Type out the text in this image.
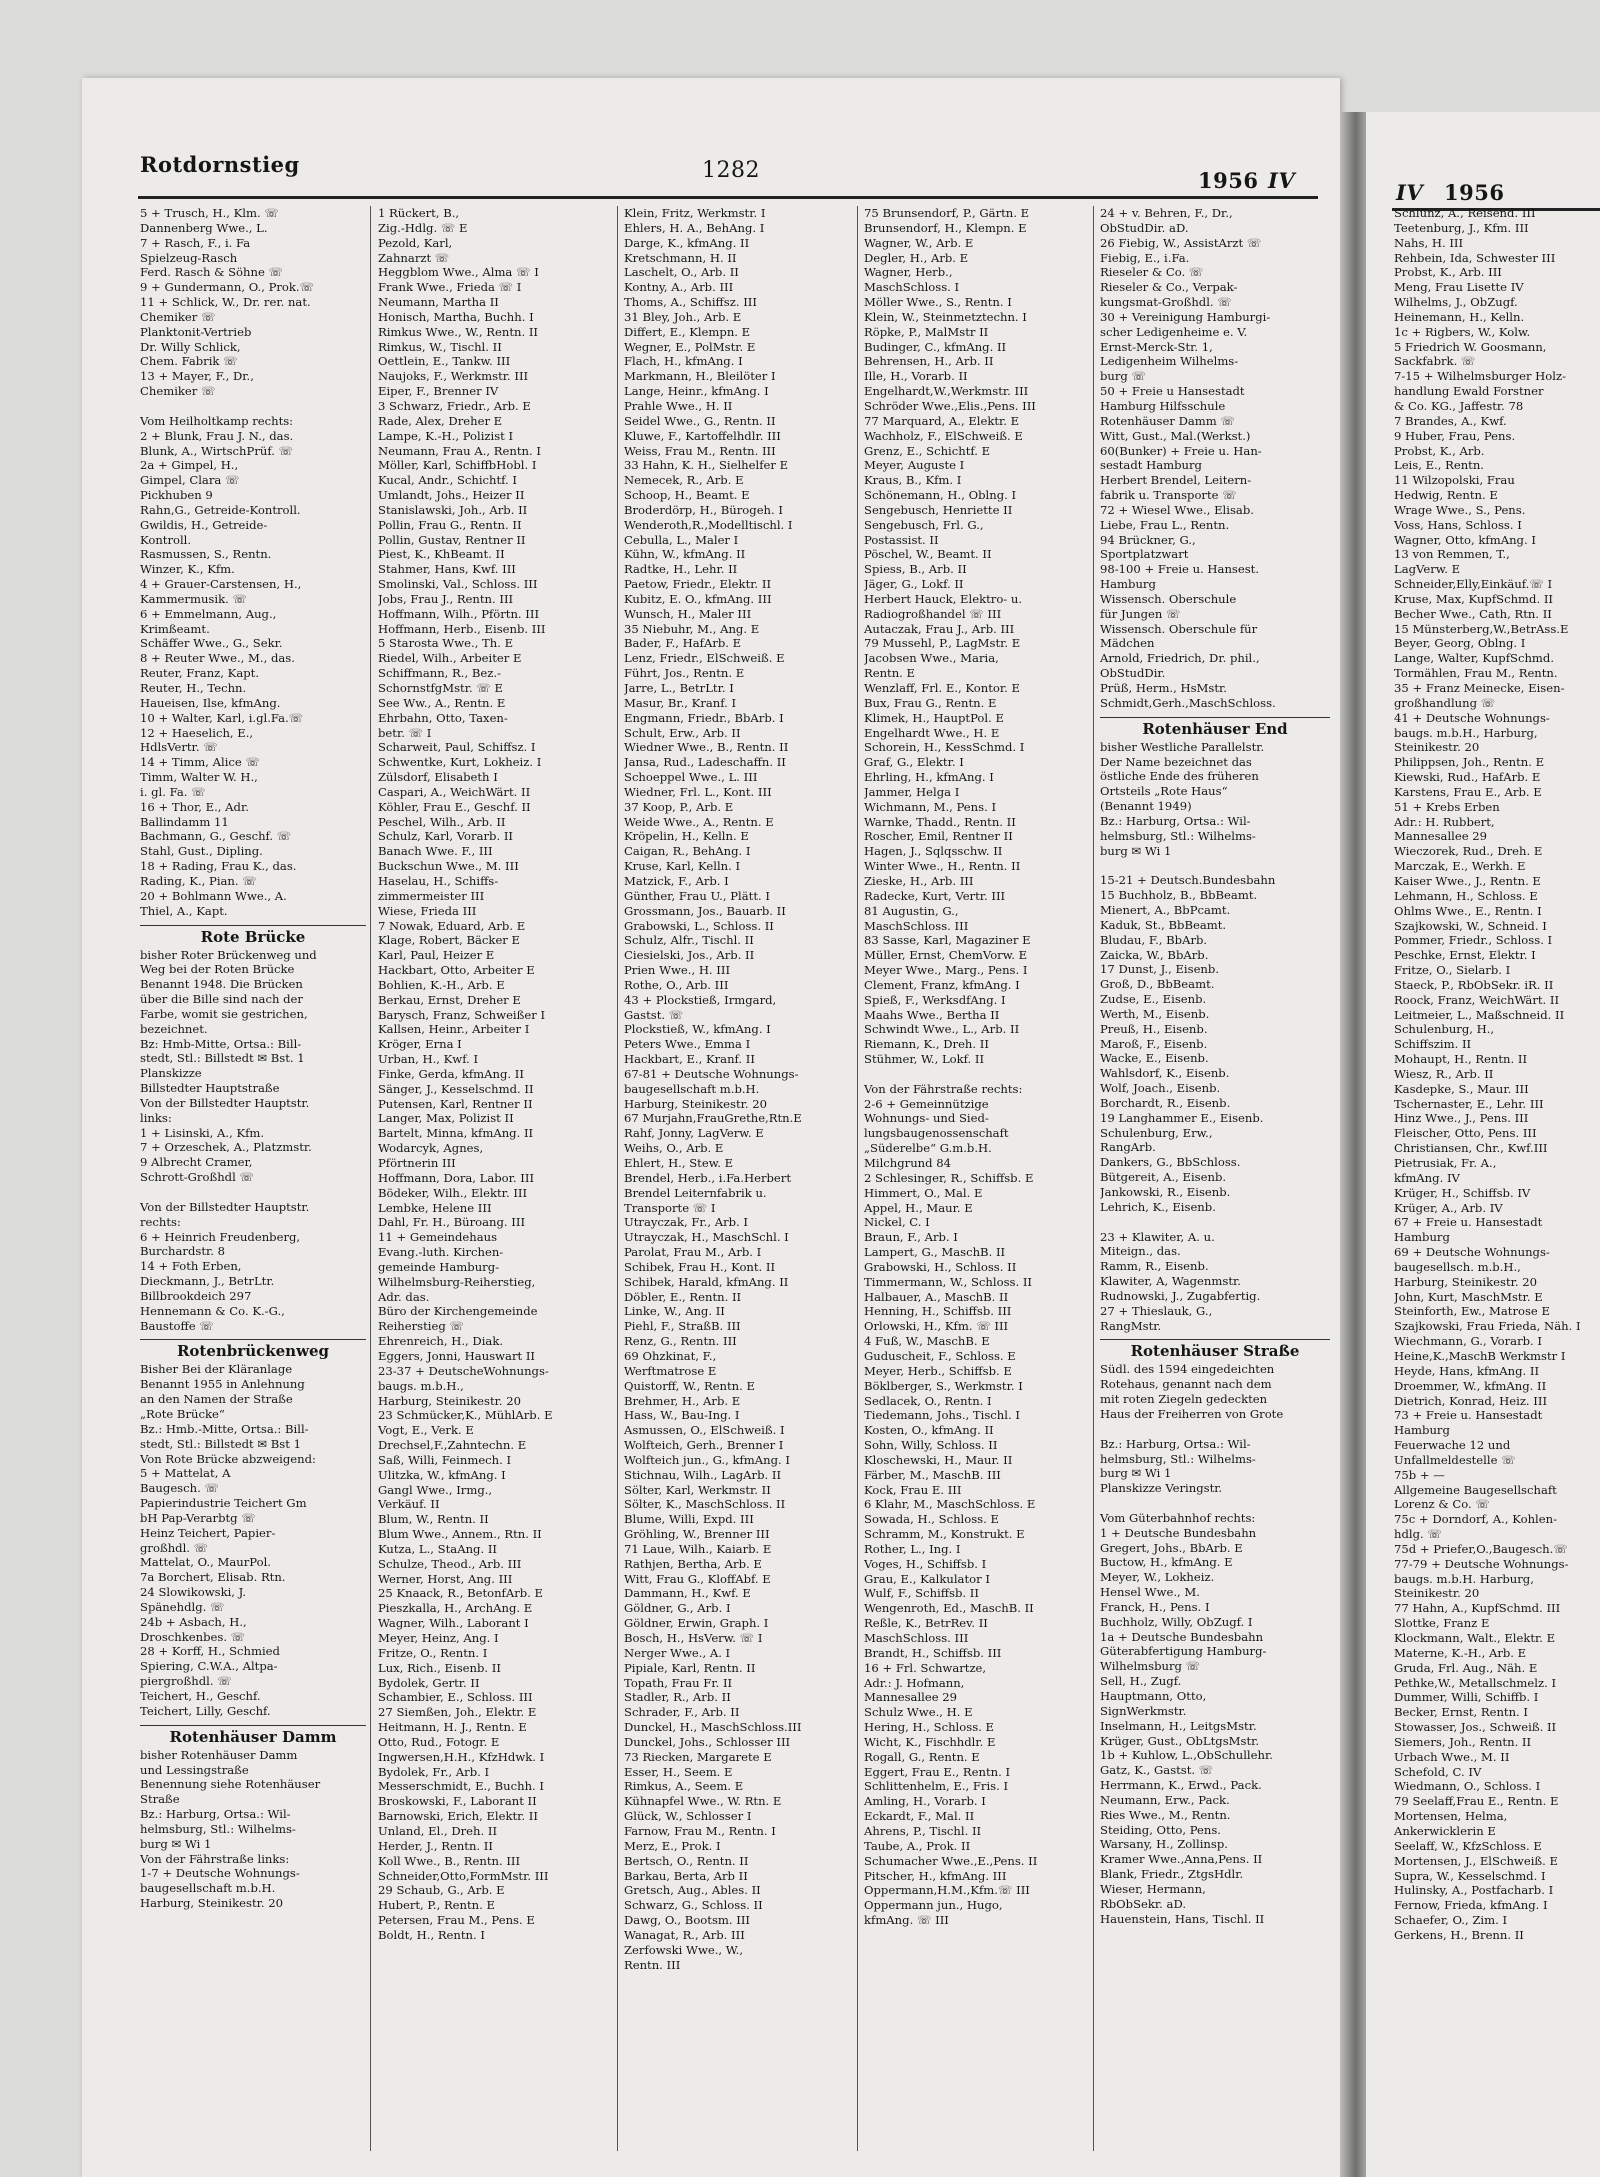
Rotdornstieg	1282	1956 IV	IV 1956
5 + Trusch, H., Klm. ☏
Dannenberg Wwe., L.
7 + Rasch, F., i. Fa
Spielzeug-Rasch
Ferd. Rasch & Söhne ☏
9 + Gundermann, O., Prok.☏
11 + Schlick, W., Dr. rer. nat.
Chemiker ☏
Planktonit-Vertrieb
Dr. Willy Schlick,
Chem. Fabrik ☏
13 + Mayer, F., Dr.,
Chemiker ☏
Vom Heilholtkamp rechts:
2 + Blunk, Frau J. N., das.
Blunk, A., WirtschPrüf. ☏
2a + Gimpel, H.,
Gimpel, Clara ☏
Pickhuben 9
Rahn,G., Getreide-Kontroll.
Gwildis, H., Getreide-
Kontroll.
Rasmussen, S., Rentn.
Winzer, K., Kfm.
4 + Grauer-Carstensen, H.,
Kammermusik. ☏
6 + Emmelmann, Aug.,
Krimßeamt.
Schäffer Wwe., G., Sekr.
8 + Reuter Wwe., M., das.
Reuter, Franz, Kapt.
Reuter, H., Techn.
Haueisen, Ilse, kfmAng.
10 + Walter, Karl, i.gl.Fa.☏
12 + Haeselich, E.,
HdlsVertr. ☏
14 + Timm, Alice ☏
Timm, Walter W. H.,
i. gl. Fa. ☏
16 + Thor, E., Adr.
Ballindamm 11
Bachmann, G., Geschf. ☏
Stahl, Gust., Dipling.
18 + Rading, Frau K., das.
Rading, K., Pian. ☏
20 + Bohlmann Wwe., A.
Thiel, A., Kapt.
Rote Brücke
bisher Roter Brückenweg und
Weg bei der Roten Brücke
Benannt 1948. Die Brücken
über die Bille sind nach der
Farbe, womit sie gestrichen,
bezeichnet.
Bz: Hmb-Mitte, Ortsa.: Bill-
stedt, Stl.: Billstedt ✉ Bst. 1
Planskizze
Billstedter Hauptstraße
Von der Billstedter Hauptstr.
links:
1 + Lisinski, A., Kfm.
7 + Orzeschek, A., Platzmstr.
9 Albrecht Cramer,
Schrott-Großhdl ☏
Von der Billstedter Hauptstr.
rechts:
6 + Heinrich Freudenberg,
Burchardstr. 8
14 + Foth Erben,
Dieckmann, J., BetrLtr.
Billbrookdeich 297
Hennemann & Co. K.-G.,
Baustoffe ☏
Rotenbrückenweg
Bisher Bei der Kläranlage
Benannt 1955 in Anlehnung
an den Namen der Straße
„Rote Brücke“
Bz.: Hmb.-Mitte, Ortsa.: Bill-
stedt, Stl.: Billstedt ✉ Bst 1
Von Rote Brücke abzweigend:
5 + Mattelat, A
Baugesch. ☏
Papierindustrie Teichert Gm
bH Pap-Verarbtg ☏
Heinz Teichert, Papier-
großhdl. ☏
Mattelat, O., MaurPol.
7a Borchert, Elisab. Rtn.
24 Slowikowski, J.
Spänehdlg. ☏
24b + Asbach, H.,
Droschkenbes. ☏
28 + Korff, H., Schmied
Spiering, C.W.A., Altpa-
piergroßhdl. ☏
Teichert, H., Geschf.
Teichert, Lilly, Geschf.
Rotenhäuser Damm
bisher Rotenhäuser Damm
und Lessingstraße
Benennung siehe Rotenhäuser
Straße
Bz.: Harburg, Ortsa.: Wil-
helmsburg, Stl.: Wilhelms-
burg ✉ Wi 1
Von der Fährstraße links:
1-7 + Deutsche Wohnungs-
baugesellschaft m.b.H.
Harburg, Steinikestr. 20
1 Rückert, B.,
Zig.-Hdlg. ☏ E
Pezold, Karl,
Zahnarzt ☏
Heggblom Wwe., Alma ☏ I
Frank Wwe., Frieda ☏ I
Neumann, Martha II
Honisch, Martha, Buchh. I
Rimkus Wwe., W., Rentn. II
Rimkus, W., Tischl. II
Oettlein, E., Tankw. III
Naujoks, F., Werkmstr. III
Eiper, F., Brenner IV
3 Schwarz, Friedr., Arb. E
Rade, Alex, Dreher E
Lampe, K.-H., Polizist I
Neumann, Frau A., Rentn. I
Möller, Karl, SchiffbHobl. I
Kucal, Andr., Schichtf. I
Umlandt, Johs., Heizer II
Stanislawski, Joh., Arb. II
Pollin, Frau G., Rentn. II
Pollin, Gustav, Rentner II
Piest, K., KhBeamt. II
Stahmer, Hans, Kwf. III
Smolinski, Val., Schloss. III
Jobs, Frau J., Rentn. III
Hoffmann, Wilh., Pförtn. III
Hoffmann, Herb., Eisenb. III
5 Starosta Wwe., Th. E
Riedel, Wilh., Arbeiter E
Schiffmann, R., Bez.-
SchornstfgMstr. ☏ E
See Ww., A., Rentn. E
Ehrbahn, Otto, Taxen-
betr. ☏ I
Scharweit, Paul, Schiffsz. I
Schwentke, Kurt, Lokheiz. I
Zülsdorf, Elisabeth I
Caspari, A., WeichWärt. II
Köhler, Frau E., Geschf. II
Peschel, Wilh., Arb. II
Schulz, Karl, Vorarb. II
Banach Wwe. F., III
Buckschun Wwe., M. III
Haselau, H., Schiffs-
zimmermeister III
Wiese, Frieda III
7 Nowak, Eduard, Arb. E
Klage, Robert, Bäcker E
Karl, Paul, Heizer E
Hackbart, Otto, Arbeiter E
Bohlien, K.-H., Arb. E
Berkau, Ernst, Dreher E
Barysch, Franz, Schweißer I
Kallsen, Heinr., Arbeiter I
Kröger, Erna I
Urban, H., Kwf. I
Finke, Gerda, kfmAng. II
Sänger, J., Kesselschmd. II
Putensen, Karl, Rentner II
Langer, Max, Polizist II
Bartelt, Minna, kfmAng. II
Wodarcyk, Agnes,
Pförtnerin III
Hoffmann, Dora, Labor. III
Bödeker, Wilh., Elektr. III
Lembke, Helene III
Dahl, Fr. H., Büroang. III
11 + Gemeindehaus
Evang.-luth. Kirchen-
gemeinde Hamburg-
Wilhelmsburg-Reiherstieg,
Adr. das.
Büro der Kirchengemeinde
Reiherstieg ☏
Ehrenreich, H., Diak.
Eggers, Jonni, Hauswart II
23-37 + DeutscheWohnungs-
baugs. m.b.H.,
Harburg, Steinikestr. 20
23 Schmücker,K., MühlArb. E
Vogt, E., Verk. E
Drechsel,F.,Zahntechn. E
Saß, Willi, Feinmech. I
Ulitzka, W., kfmAng. I
Gangl Wwe., Irmg.,
Verkäuf. II
Blum, W., Rentn. II
Blum Wwe., Annem., Rtn. II
Kutza, L., StaAng. II
Schulze, Theod., Arb. III
Werner, Horst, Ang. III
25 Knaack, R., BetonfArb. E
Pieszkalla, H., ArchAng. E
Wagner, Wilh., Laborant I
Meyer, Heinz, Ang. I
Fritze, O., Rentn. I
Lux, Rich., Eisenb. II
Bydolek, Gertr. II
Schambier, E., Schloss. III
27 Siemßen, Joh., Elektr. E
Heitmann, H. J., Rentn. E
Otto, Rud., Fotogr. E
Ingwersen,H.H., KfzHdwk. I
Bydolek, Fr., Arb. I
Messerschmidt, E., Buchh. I
Broskowski, F., Laborant II
Barnowski, Erich, Elektr. II
Unland, El., Dreh. II
Herder, J., Rentn. II
Koll Wwe., B., Rentn. III
Schneider,Otto,FormMstr. III
29 Schaub, G., Arb. E
Hubert, P., Rentn. E
Petersen, Frau M., Pens. E
Boldt, H., Rentn. I
Klein, Fritz, Werkmstr. I
Ehlers, H. A., BehAng. I
Darge, K., kfmAng. II
Kretschmann, H. II
Laschelt, O., Arb. II
Kontny, A., Arb. III
Thoms, A., Schiffsz. III
31 Bley, Joh., Arb. E
Differt, E., Klempn. E
Wegner, E., PolMstr. E
Flach, H., kfmAng. I
Markmann, H., Bleilöter I
Lange, Heinr., kfmAng. I
Prahle Wwe., H. II
Seidel Wwe., G., Rentn. II
Kluwe, F., Kartoffelhdlr. III
Weiss, Frau M., Rentn. III
33 Hahn, K. H., Sielhelfer E
Nemecek, R., Arb. E
Schoop, H., Beamt. E
Broderdörp, H., Bürogeh. I
Wenderoth,R.,Modelltischl. I
Cebulla, L., Maler I
Kühn, W., kfmAng. II
Radtke, H., Lehr. II
Paetow, Friedr., Elektr. II
Kubitz, E. O., kfmAng. III
Wunsch, H., Maler III
35 Niebuhr, M., Ang. E
Bader, F., HafArb. E
Lenz, Friedr., ElSchweiß. E
Führt, Jos., Rentn. E
Jarre, L., BetrLtr. I
Masur, Br., Kranf. I
Engmann, Friedr., BbArb. I
Schult, Erw., Arb. II
Wiedner Wwe., B., Rentn. II
Jansa, Rud., Ladeschaffn. II
Schoeppel Wwe., L. III
Wiedner, Frl. L., Kont. III
37 Koop, P., Arb. E
Weide Wwe., A., Rentn. E
Kröpelin, H., Kelln. E
Caigan, R., BehAng. I
Kruse, Karl, Kelln. I
Matzick, F., Arb. I
Günther, Frau U., Plätt. I
Grossmann, Jos., Bauarb. II
Grabowski, L., Schloss. II
Schulz, Alfr., Tischl. II
Ciesielski, Jos., Arb. II
Prien Wwe., H. III
Rothe, O., Arb. III
43 + Plockstieß, Irmgard,
Gastst. ☏
Plockstieß, W., kfmAng. I
Peters Wwe., Emma I
Hackbart, E., Kranf. II
67-81 + Deutsche Wohnungs-
baugesellschaft m.b.H.
Harburg, Steinikestr. 20
67 Murjahn,FrauGrethe,Rtn.E
Rahf, Jonny, LagVerw. E
Weihs, O., Arb. E
Ehlert, H., Stew. E
Brendel, Herb., i.Fa.Herbert
Brendel Leiternfabrik u.
Transporte ☏ I
Utrayczak, Fr., Arb. I
Utrayczak, H., MaschSchl. I
Parolat, Frau M., Arb. I
Schibek, Frau H., Kont. II
Schibek, Harald, kfmAng. II
Döbler, E., Rentn. II
Linke, W., Ang. II
Piehl, F., StraßB. III
Renz, G., Rentn. III
69 Ohzkinat, F.,
Werftmatrose E
Quistorff, W., Rentn. E
Brehmer, H., Arb. E
Hass, W., Bau-Ing. I
Asmussen, O., ElSchweiß. I
Wolfteich, Gerh., Brenner I
Wolfteich jun., G., kfmAng. I
Stichnau, Wilh., LagArb. II
Sölter, Karl, Werkmstr. II
Sölter, K., MaschSchloss. II
Blume, Willi, Expd. III
Gröhling, W., Brenner III
71 Laue, Wilh., Kaiarb. E
Rathjen, Bertha, Arb. E
Witt, Frau G., KloffAbf. E
Dammann, H., Kwf. E
Göldner, G., Arb. I
Göldner, Erwin, Graph. I
Bosch, H., HsVerw. ☏ I
Nerger Wwe., A. I
Pipiale, Karl, Rentn. II
Topath, Frau Fr. II
Stadler, R., Arb. II
Schrader, F., Arb. II
Dunckel, H., MaschSchloss.III
Dunckel, Johs., Schlosser III
73 Riecken, Margarete E
Esser, H., Seem. E
Rimkus, A., Seem. E
Kühnapfel Wwe., W. Rtn. E
Glück, W., Schlosser I
Farnow, Frau M., Rentn. I
Merz, E., Prok. I
Bertsch, O., Rentn. II
Barkau, Berta, Arb II
Gretsch, Aug., Ables. II
Schwarz, G., Schloss. II
Dawg, O., Bootsm. III
Wanagat, R., Arb. III
Zerfowski Wwe., W.,
Rentn. III
75 Brunsendorf, P., Gärtn. E
Brunsendorf, H., Klempn. E
Wagner, W., Arb. E
Degler, H., Arb. E
Wagner, Herb.,
MaschSchloss. I
Möller Wwe., S., Rentn. I
Klein, W., Steinmetztechn. I
Röpke, P., MalMstr II
Budinger, C., kfmAng. II
Behrensen, H., Arb. II
Ille, H., Vorarb. II
Engelhardt,W.,Werkmstr. III
Schröder Wwe.,Elis.,Pens. III
77 Marquard, A., Elektr. E
Wachholz, F., ElSchweiß. E
Grenz, E., Schichtf. E
Meyer, Auguste I
Kraus, B., Kfm. I
Schönemann, H., Oblng. I
Sengebusch, Henriette II
Sengebusch, Frl. G.,
Postassist. II
Pöschel, W., Beamt. II
Spiess, B., Arb. II
Jäger, G., Lokf. II
Herbert Hauck, Elektro- u.
Radiogroßhandel ☏ III
Autaczak, Frau J., Arb. III
79 Mussehl, P., LagMstr. E
Jacobsen Wwe., Maria,
Rentn. E
Wenzlaff, Frl. E., Kontor. E
Bux, Frau G., Rentn. E
Klimek, H., HauptPol. E
Engelhardt Wwe., H. E
Schorein, H., KessSchmd. I
Graf, G., Elektr. I
Ehrling, H., kfmAng. I
Jammer, Helga I
Wichmann, M., Pens. I
Warnke, Thadd., Rentn. II
Roscher, Emil, Rentner II
Hagen, J., Sqlqsschw. II
Winter Wwe., H., Rentn. II
Zieske, H., Arb. III
Radecke, Kurt, Vertr. III
81 Augustin, G.,
MaschSchloss. III
83 Sasse, Karl, Magaziner E
Müller, Ernst, ChemVorw. E
Meyer Wwe., Marg., Pens. I
Clement, Franz, kfmAng. I
Spieß, F., WerksdfAng. I
Maahs Wwe., Bertha II
Schwindt Wwe., L., Arb. II
Riemann, K., Dreh. II
Stühmer, W., Lokf. II
Von der Fährstraße rechts:
2-6 + Gemeinnützige
Wohnungs- und Sied-
lungsbaugenossenschaft
„Süderelbe“ G.m.b.H.
Milchgrund 84
2 Schlesinger, R., Schiffsb. E
Himmert, O., Mal. E
Appel, H., Maur. E
Nickel, C. I
Braun, F., Arb. I
Lampert, G., MaschB. II
Grabowski, H., Schloss. II
Timmermann, W., Schloss. II
Halbauer, A., MaschB. II
Henning, H., Schiffsb. III
Orlowski, H., Kfm. ☏ III
4 Fuß, W., MaschB. E
Guduscheit, F., Schloss. E
Meyer, Herb., Schiffsb. E
Böklberger, S., Werkmstr. I
Sedlacek, O., Rentn. I
Tiedemann, Johs., Tischl. I
Kosten, O., kfmAng. II
Sohn, Willy, Schloss. II
Kloschewski, H., Maur. II
Färber, M., MaschB. III
Kock, Frau E. III
6 Klahr, M., MaschSchloss. E
Sowada, H., Schloss. E
Schramm, M., Konstrukt. E
Rother, L., Ing. I
Voges, H., Schiffsb. I
Grau, E., Kalkulator I
Wulf, F., Schiffsb. II
Wengenroth, Ed., MaschB. II
Reßle, K., BetrRev. II
MaschSchloss. III
Brandt, H., Schiffsb. III
16 + Frl. Schwartze,
Adr.: J. Hofmann,
Mannesallee 29
Schulz Wwe., H. E
Hering, H., Schloss. E
Wicht, K., Fischhdlr. E
Rogall, G., Rentn. E
Eggert, Frau E., Rentn. I
Schlittenhelm, E., Fris. I
Amling, H., Vorarb. I
Eckardt, F., Mal. II
Ahrens, P., Tischl. II
Taube, A., Prok. II
Schumacher Wwe.,E.,Pens. II
Pitscher, H., kfmAng. III
Oppermann,H.M.,Kfm.☏ III
Oppermann jun., Hugo,
kfmAng. ☏ III
24 + v. Behren, F., Dr.,
ObStudDir. aD.
26 Fiebig, W., AssistArzt ☏
Fiebig, E., i.Fa.
Rieseler & Co. ☏
Rieseler & Co., Verpak-
kungsmat-Großhdl. ☏
30 + Vereinigung Hamburgi-
scher Ledigenheime e. V.
Ernst-Merck-Str. 1,
Ledigenheim Wilhelms-
burg ☏
50 + Freie u Hansestadt
Hamburg Hilfsschule
Rotenhäuser Damm ☏
Witt, Gust., Mal.(Werkst.)
60(Bunker) + Freie u. Han-
sestadt Hamburg
Herbert Brendel, Leitern-
fabrik u. Transporte ☏
72 + Wiesel Wwe., Elisab.
Liebe, Frau L., Rentn.
94 Brückner, G.,
Sportplatzwart
98-100 + Freie u. Hansest.
Hamburg
Wissensch. Oberschule
für Jungen ☏
Wissensch. Oberschule für
Mädchen
Arnold, Friedrich, Dr. phil.,
ObStudDir.
Prüß, Herm., HsMstr.
Schmidt,Gerh.,MaschSchloss.
Rotenhäuser End
bisher Westliche Parallelstr.
Der Name bezeichnet das
östliche Ende des früheren
Ortsteils „Rote Haus“
(Benannt 1949)
Bz.: Harburg, Ortsa.: Wil-
helmsburg, Stl.: Wilhelms-
burg ✉ Wi 1
15-21 + Deutsch.Bundesbahn
15 Buchholz, B., BbBeamt.
Mienert, A., BbPcamt.
Kaduk, St., BbBeamt.
Bludau, F., BbArb.
Zaicka, W., BbArb.
17 Dunst, J., Eisenb.
Groß, D., BbBeamt.
Zudse, E., Eisenb.
Werth, M., Eisenb.
Preuß, H., Eisenb.
Maroß, F., Eisenb.
Wacke, E., Eisenb.
Wahlsdorf, K., Eisenb.
Wolf, Joach., Eisenb.
Borchardt, R., Eisenb.
19 Langhammer E., Eisenb.
Schulenburg, Erw.,
RangArb.
Dankers, G., BbSchloss.
Bütgereit, A., Eisenb.
Jankowski, R., Eisenb.
Lehrich, K., Eisenb.
23 + Klawiter, A. u.
Miteign., das.
Ramm, R., Eisenb.
Klawiter, A, Wagenmstr.
Rudnowski, J., Zugabfertig.
27 + Thieslauk, G.,
RangMstr.
Rotenhäuser Straße
Südl. des 1594 eingedeichten
Rotehaus, genannt nach dem
mit roten Ziegeln gedeckten
Haus der Freiherren von Grote
Bz.: Harburg, Ortsa.: Wil-
helmsburg, Stl.: Wilhelms-
burg ✉ Wi 1
Planskizze Veringstr.
Vom Güterbahnhof rechts:
1 + Deutsche Bundesbahn
Gregert, Johs., BbArb. E
Buctow, H., kfmAng. E
Meyer, W., Lokheiz.
Hensel Wwe., M.
Franck, H., Pens. I
Buchholz, Willy, ObZugf. I
1a + Deutsche Bundesbahn
Güterabfertigung Hamburg-
Wilhelmsburg ☏
Sell, H., Zugf.
Hauptmann, Otto,
SignWerkmstr.
Inselmann, H., LeitgsMstr.
Krüger, Gust., ObLtgsMstr.
1b + Kuhlow, L.,ObSchullehr.
Gatz, K., Gastst. ☏
Herrmann, K., Erwd., Pack.
Neumann, Erw., Pack.
Ries Wwe., M., Rentn.
Steiding, Otto, Pens.
Warsany, H., Zollinsp.
Kramer Wwe.,Anna,Pens. II
Blank, Friedr., ZtgsHdlr.
Wieser, Hermann,
RbObSekr. aD.
Hauenstein, Hans, Tischl. II
Schlünz, A., Reisend. III
Teetenburg, J., Kfm. III
Nahs, H. III
Rehbein, Ida, Schwester III
Probst, K., Arb. III
Meng, Frau Lisette IV
Wilhelms, J., ObZugf.
Heinemann, H., Kelln.
1c + Rigbers, W., Kolw.
5 Friedrich W. Goosmann,
Sackfabrk. ☏
7-15 + Wilhelmsburger Holz-
handlung Ewald Forstner
& Co. KG., Jaffestr. 78
7 Brandes, A., Kwf.
9 Huber, Frau, Pens.
Probst, K., Arb.
Leis, E., Rentn.
11 Wilzopolski, Frau
Hedwig, Rentn. E
Wrage Wwe., S., Pens.
Voss, Hans, Schloss. I
Wagner, Otto, kfmAng. I
13 von Remmen, T.,
LagVerw. E
Schneider,Elly,Einkäuf.☏ I
Kruse, Max, KupfSchmd. II
Becher Wwe., Cath, Rtn. II
15 Münsterberg,W.,BetrAss.E
Beyer, Georg, Oblng. I
Lange, Walter, KupfSchmd.
Tormählen, Frau M., Rentn.
35 + Franz Meinecke, Eisen-
großhandlung ☏
41 + Deutsche Wohnungs-
baugs. m.b.H., Harburg,
Steinikestr. 20
Philippsen, Joh., Rentn. E
Kiewski, Rud., HafArb. E
Karstens, Frau E., Arb. E
51 + Krebs Erben
Adr.: H. Rubbert,
Mannesallee 29
Wieczorek, Rud., Dreh. E
Marczak, E., Werkh. E
Kaiser Wwe., J., Rentn. E
Lehmann, H., Schloss. E
Ohlms Wwe., E., Rentn. I
Szajkowski, W., Schneid. I
Pommer, Friedr., Schloss. I
Peschke, Ernst, Elektr. I
Fritze, O., Sielarb. I
Staeck, P., RbObSekr. iR. II
Roock, Franz, WeichWärt. II
Leitmeier, L., Maßschneid. II
Schulenburg, H.,
Schiffszim. II
Mohaupt, H., Rentn. II
Wiesz, R., Arb. II
Kasdepke, S., Maur. III
Tschernaster, E., Lehr. III
Hinz Wwe., J., Pens. III
Fleischer, Otto, Pens. III
Christiansen, Chr., Kwf.III
Pietrusiak, Fr. A.,
kfmAng. IV
Krüger, H., Schiffsb. IV
Krüger, A., Arb. IV
67 + Freie u. Hansestadt
Hamburg
69 + Deutsche Wohnungs-
baugesellsch. m.b.H.,
Harburg, Steinikestr. 20
John, Kurt, MaschMstr. E
Steinforth, Ew., Matrose E
Szajkowski, Frau Frieda, Näh. I
Wiechmann, G., Vorarb. I
Heine,K.,MaschB Werkmstr I
Heyde, Hans, kfmAng. II
Droemmer, W., kfmAng. II
Dietrich, Konrad, Heiz. III
73 + Freie u. Hansestadt
Hamburg
Feuerwache 12 und
Unfallmeldestelle ☏
75b + —
Allgemeine Baugesellschaft
Lorenz & Co. ☏
75c + Dorndorf, A., Kohlen-
hdlg. ☏
75d + Priefer,O.,Baugesch.☏
77-79 + Deutsche Wohnungs-
baugs. m.b.H. Harburg,
Steinikestr. 20
77 Hahn, A., KupfSchmd. III
Slottke, Franz E
Klockmann, Walt., Elektr. E
Materne, K.-H., Arb. E
Gruda, Frl. Aug., Näh. E
Pethke,W., Metallschmelz. I
Dummer, Willi, Schiffb. I
Becker, Ernst, Rentn. I
Stowasser, Jos., Schweiß. II
Siemers, Joh., Rentn. II
Urbach Wwe., M. II
Schefold, C. IV
Wiedmann, O., Schloss. I
79 Seelaff,Frau E., Rentn. E
Mortensen, Helma,
Ankerwicklerin E
Seelaff, W., KfzSchloss. E
Mortensen, J., ElSchweiß. E
Supra, W., Kesselschmd. I
Hulinsky, A., Postfacharb. I
Fernow, Frieda, kfmAng. I
Schaefer, O., Zim. I
Gerkens, H., Brenn. II
